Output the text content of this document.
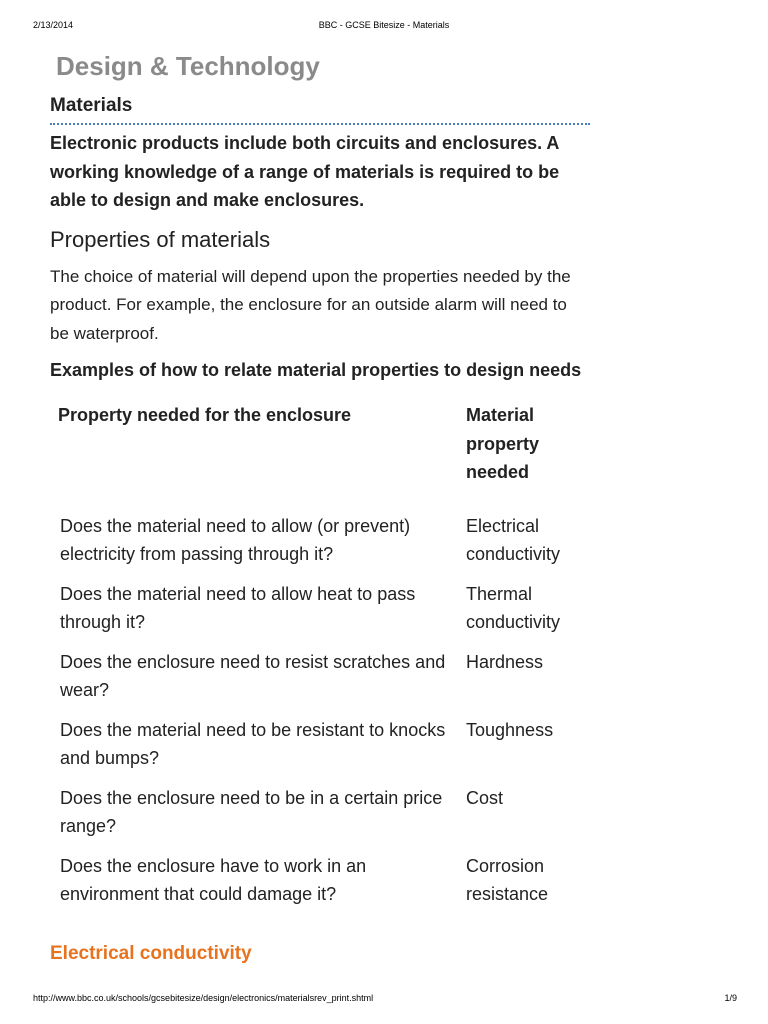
2/13/2014	BBC - GCSE Bitesize - Materials
Design & Technology
Materials

Electronic products include both circuits and enclosures. A working knowledge of a range of materials is required to be able to design and make enclosures.

Properties of materials

The choice of material will depend upon the properties needed by the product. For example, the enclosure for an outside alarm will need to be waterproof.

Examples of how to relate material properties to design needs
Property needed for the enclosure	Material property needed
Does the material need to allow (or prevent) electricity from passing through it?	Electrical conductivity
Does the material need to allow heat to pass through it?	Thermal conductivity
Does the enclosure need to resist scratches and wear?	Hardness
Does the material need to be resistant to knocks and bumps?	Toughness
Does the enclosure need to be in a certain price range?	Cost
Does the enclosure have to work in an environment that could damage it?	Corrosion resistance
Electrical conductivity
http://www.bbc.co.uk/schools/gcsebitesize/design/electronics/materialsrev_print.shtml	1/9
